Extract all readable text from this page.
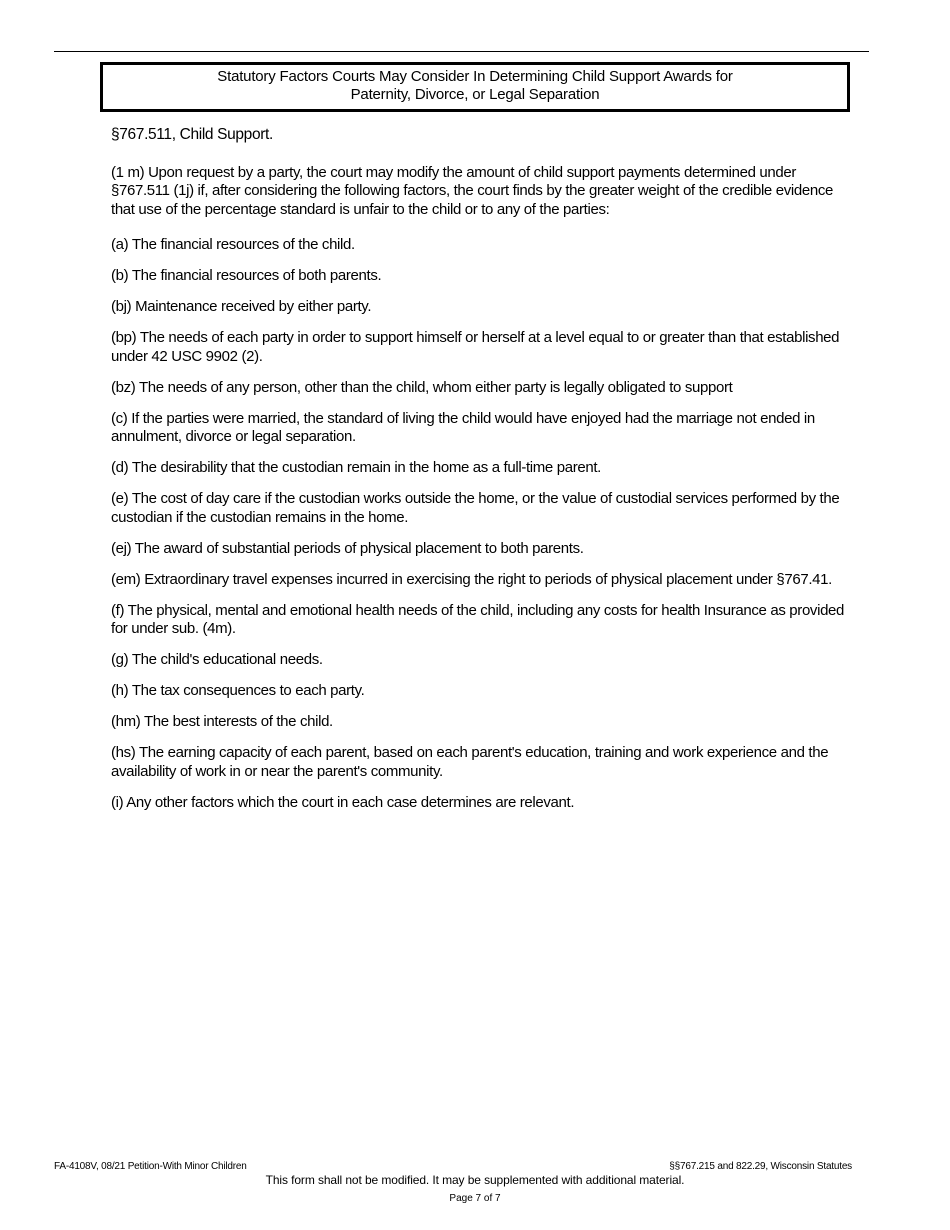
Statutory Factors Courts May Consider In Determining Child Support Awards for
Paternity, Divorce, or Legal Separation

§767.511, Child Support.

(1 m) Upon request by a party, the court may modify the amount of child support payments determined under §767.511 (1j) if, after considering the following factors, the court finds by the greater weight of the credible evidence that use of the percentage standard is unfair to the child or to any of the parties:

(a) The financial resources of the child.

(b) The financial resources of both parents.

(bj) Maintenance received by either party.

(bp) The needs of each party in order to support himself or herself at a level equal to or greater than that established under 42 USC 9902 (2).

(bz) The needs of any person, other than the child, whom either party is legally obligated to support

(c) If the parties were married, the standard of living the child would have enjoyed had the marriage not ended in annulment, divorce or legal separation.

(d) The desirability that the custodian remain in the home as a full-time parent.

(e) The cost of day care if the custodian works outside the home, or the value of custodial services performed by the custodian if the custodian remains in the home.

(ej) The award of substantial periods of physical placement to both parents.

(em) Extraordinary travel expenses incurred in exercising the right to periods of physical placement under §767.41.

(f) The physical, mental and emotional health needs of the child, including any costs for health Insurance as provided for under sub. (4m).

(g) The child's educational needs.

(h) The tax consequences to each party.

(hm) The best interests of the child.

(hs) The earning capacity of each parent, based on each parent's education, training and work experience and the availability of work in or near the parent's community.

(i) Any other factors which the court in each case determines are relevant.

FA-4108V, 08/21 Petition-With Minor Children	§§767.215 and 822.29, Wisconsin Statutes
This form shall not be modified. It may be supplemented with additional material.
Page 7 of 7
